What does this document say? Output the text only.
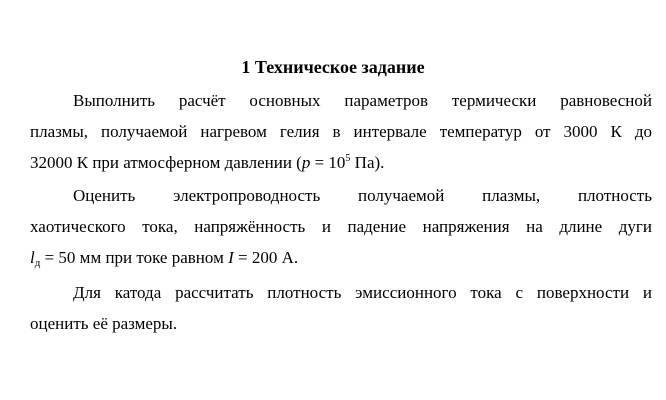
1 Техническое задание
Выполнить расчёт основных параметров термически равновесной
плазмы, получаемой нагревом гелия в интервале температур от 3000 К до
32000 К при атмосферном давлении ($p = 10^5$ Па).
Оценить электропроводность получаемой плазмы, плотность
хаотического тока, напряжённость и падение напряжения на длине дуги
$l_д = 50$ мм при токе равном I = 200 А.
Для катода рассчитать плотность эмиссионного тока с поверхности и
оценить её размеры.
